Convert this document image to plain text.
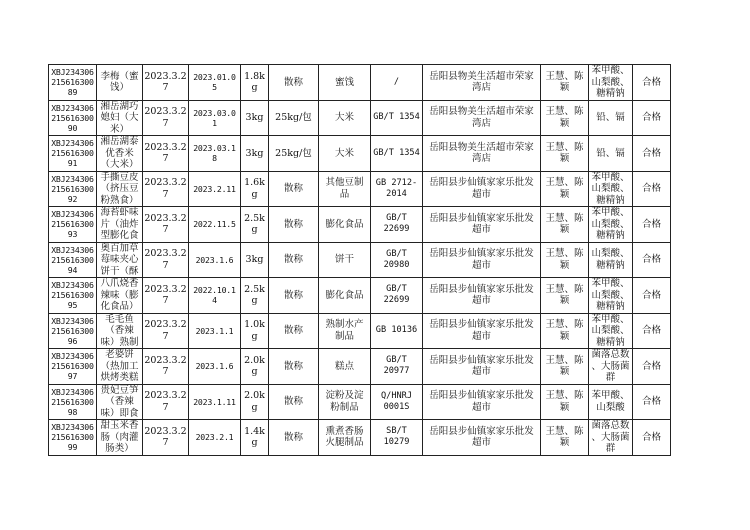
XBJ234306
215616300
89	李梅（蜜
饯）	2023.3.27	2023.01.0
5	1.8kg	散称	蜜饯	/	岳阳县物美生活超市荣家
湾店	王慧、陈
颖	苯甲酸、
山梨酸、
糖精钠	合格
XBJ234306
215616300
90	湘岳湖巧
媳妇（大
米）	2023.3.27	2023.03.0
1	3kg	25kg/包	大米	GB/T 1354	岳阳县物美生活超市荣家
湾店	王慧、陈
颖	铅、镉	合格
XBJ234306
215616300
91	湘岳湖泰
优香米
（大米）	2023.3.27	2023.03.1
8	3kg	25kg/包	大米	GB/T 1354	岳阳县物美生活超市荣家
湾店	王慧、陈
颖	铅、镉	合格
XBJ234306
215616300
92	手撕豆皮
（挤压豆
粉熟食）	2023.3.27	2023.2.11	1.6kg	散称	其他豆制
品	GB 2712-
2014	岳阳县步仙镇家家乐批发
超市	王慧、陈
颖	苯甲酸、
山梨酸、
糖精钠	合格
XBJ234306
215616300
93	海苔虾味
片（油炸
型膨化食	2023.3.27	2022.11.5	2.5kg	散称	膨化食品	GB/T
22699	岳阳县步仙镇家家乐批发
超市	王慧、陈
颖	苯甲酸、
山梨酸、
糖精钠	合格
XBJ234306
215616300
94	奥百加草
莓味夹心
饼干（酥	2023.3.27	2023.1.6	3kg	散称	饼干	GB/T
20980	岳阳县步仙镇家家乐批发
超市	王慧、陈
颖	山梨酸、
糖精钠	合格
XBJ234306
215616300
95	八爪烧香
辣味（膨
化食品）	2023.3.27	2022.10.1
4	2.5kg	散称	膨化食品	GB/T
22699	岳阳县步仙镇家家乐批发
超市	王慧、陈
颖	苯甲酸、
山梨酸、
糖精钠	合格
XBJ234306
215616300
96	毛毛鱼
（香辣
味）熟制	2023.3.27	2023.1.1	1.0kg	散称	熟制水产
制品	GB 10136	岳阳县步仙镇家家乐批发
超市	王慧、陈
颖	苯甲酸、
山梨酸、
糖精钠	合格
XBJ234306
215616300
97	老婆饼
（热加工
烘烤类糕	2023.3.27	2023.1.6	2.0kg	散称	糕点	GB/T
20977	岳阳县步仙镇家家乐批发
超市	王慧、陈
颖	菌落总数
、大肠菌
群	合格
XBJ234306
215616300
98	贵妃豆笋
（香辣
味）即食	2023.3.27	2023.1.11	2.0kg	散称	淀粉及淀
粉制品	Q/HNRJ
0001S	岳阳县步仙镇家家乐批发
超市	王慧、陈
颖	苯甲酸、
山梨酸	合格
XBJ234306
215616300
99	甜玉米香
肠（肉灌
肠类）	2023.3.27	2023.2.1	1.4kg	散称	熏煮香肠
火腿制品	SB/T
10279	岳阳县步仙镇家家乐批发
超市	王慧、陈
颖	菌落总数
、大肠菌
群	合格
